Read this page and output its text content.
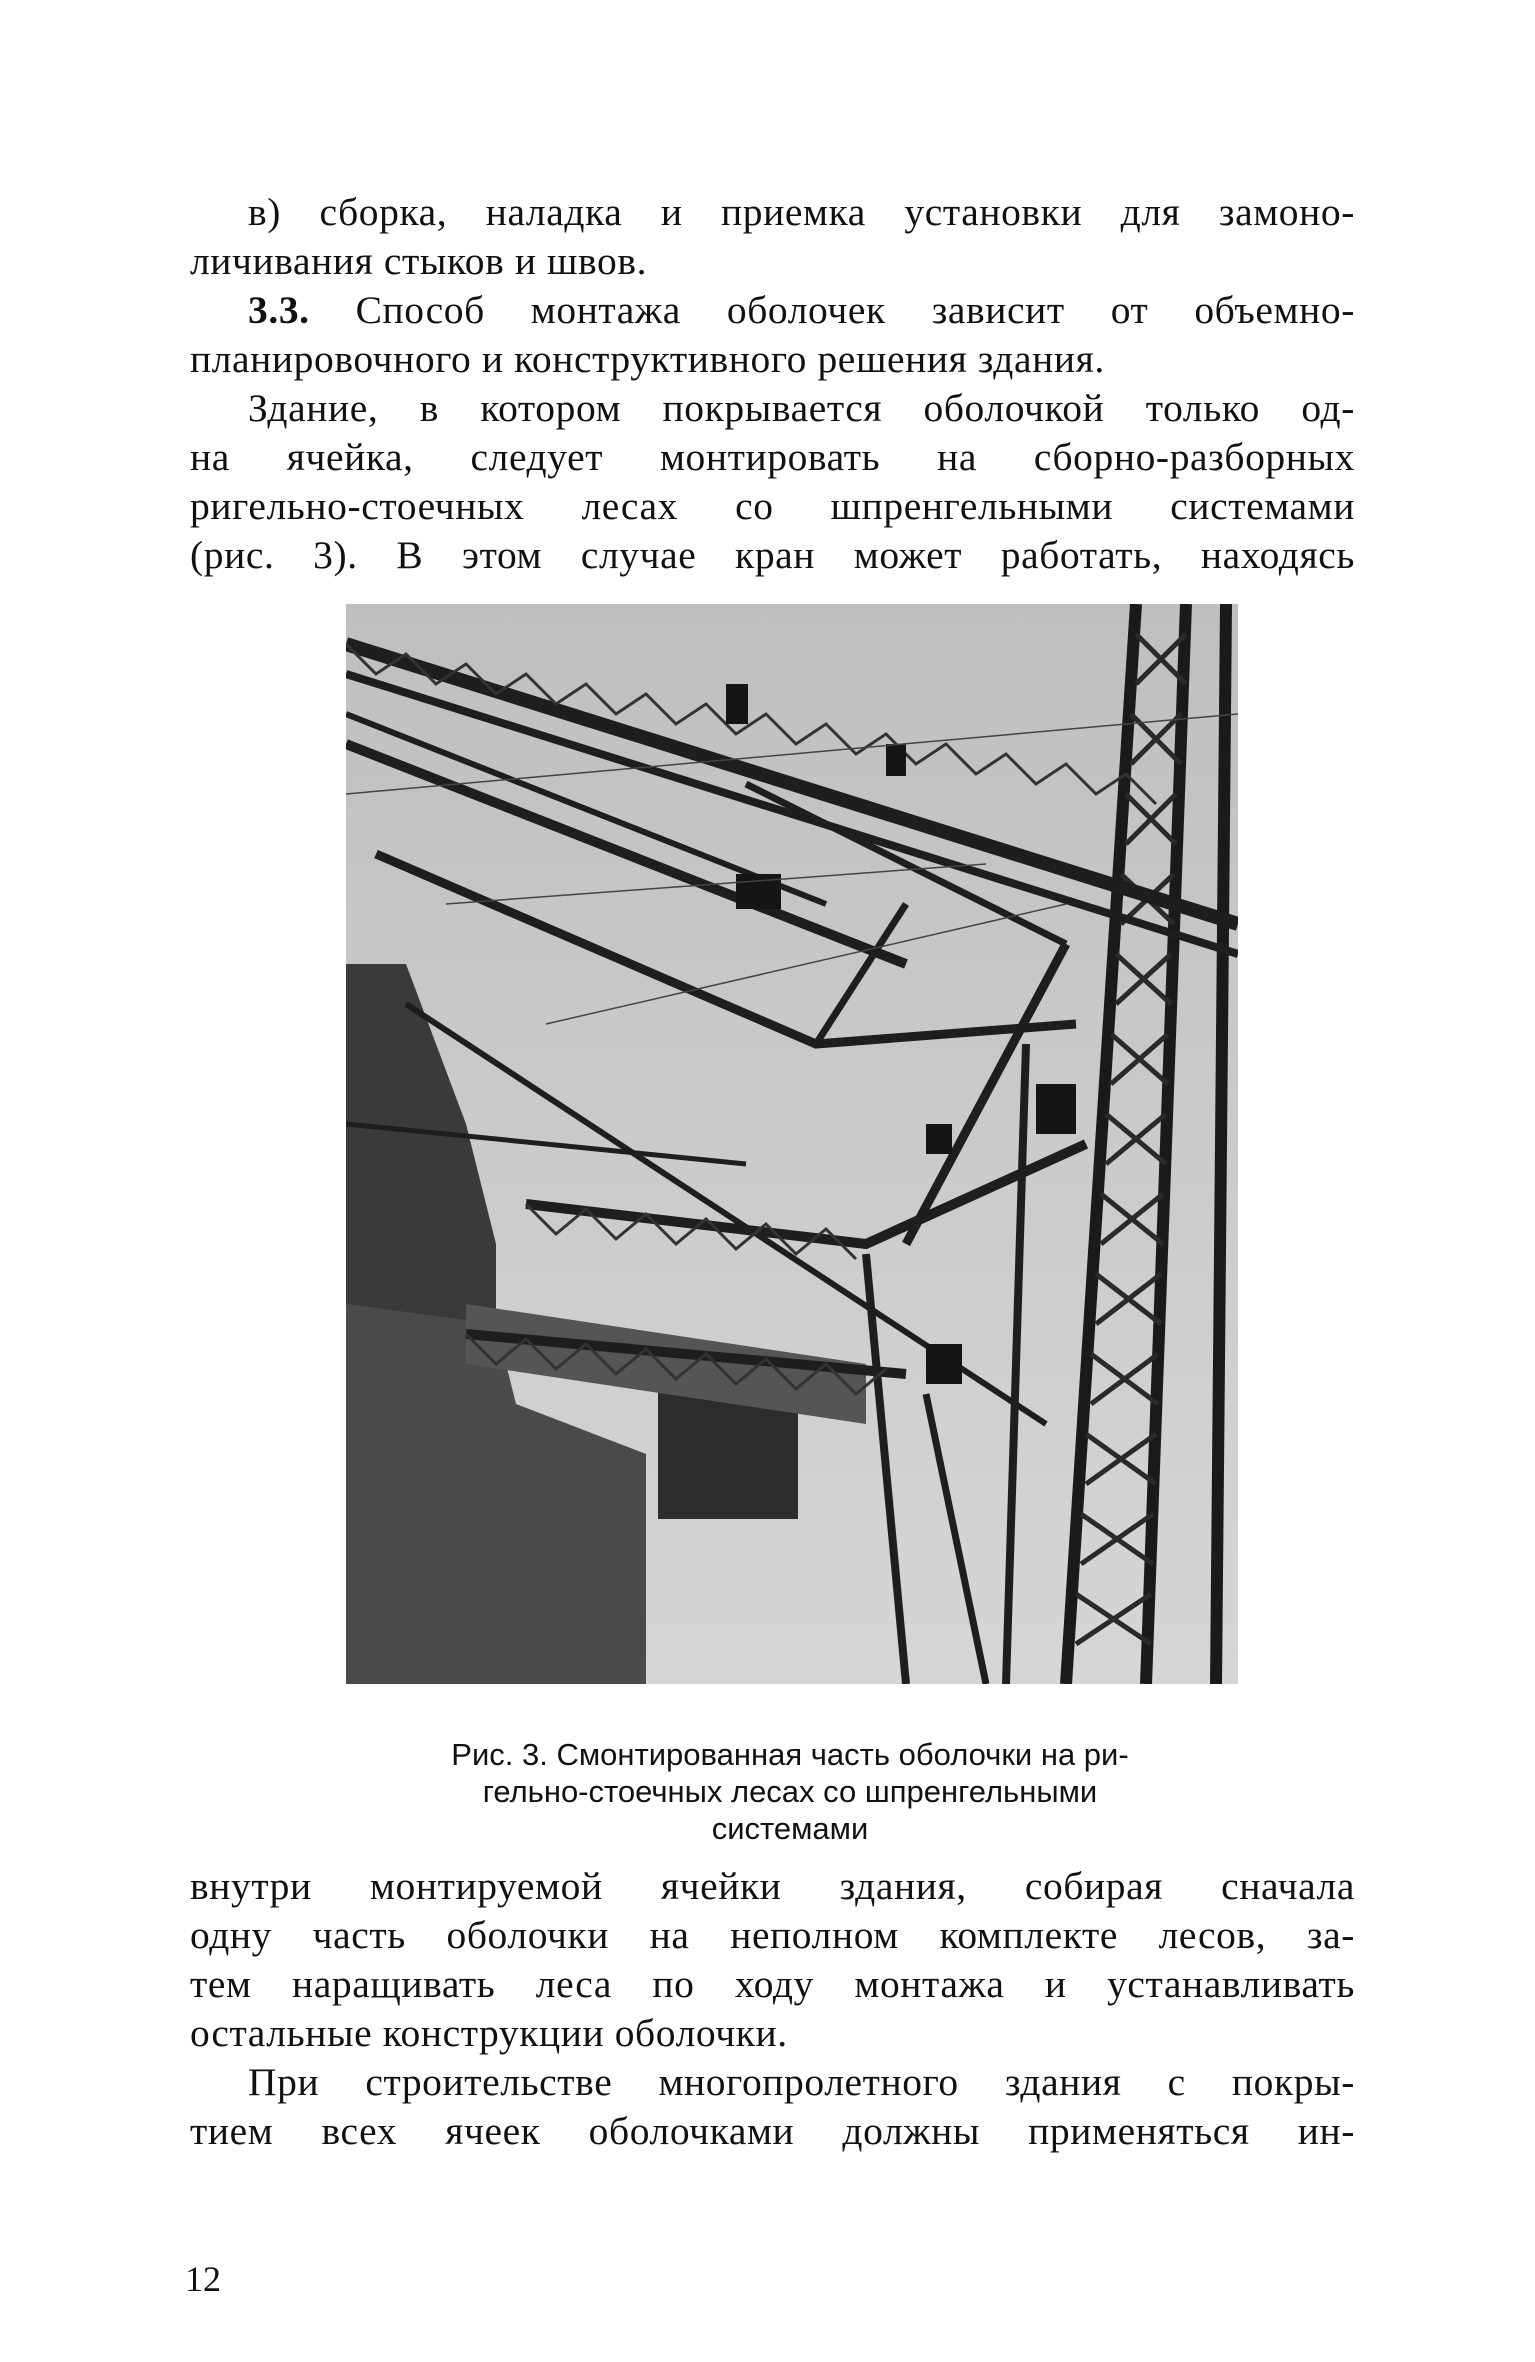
в) сборка, наладка и приемка установки для замоно-
личивания стыков и швов.
3.3. Способ монтажа оболочек зависит от объемно-
планировочного и конструктивного решения здания.
Здание, в котором покрывается оболочкой только од-
на ячейка, следует монтировать на сборно-разборных
ригельно-стоечных лесах со шпренгельными системами
(рис. 3). В этом случае кран может работать, находясь
Рис. 3. Смонтированная часть оболочки на ри-
гельно-стоечных лесах со шпренгельными
системами
внутри монтируемой ячейки здания, собирая сначала
одну часть оболочки на неполном комплекте лесов, за-
тем наращивать леса по ходу монтажа и устанавливать
остальные конструкции оболочки.
При строительстве многопролетного здания с покры-
тием всех ячеек оболочками должны применяться ин-
12
